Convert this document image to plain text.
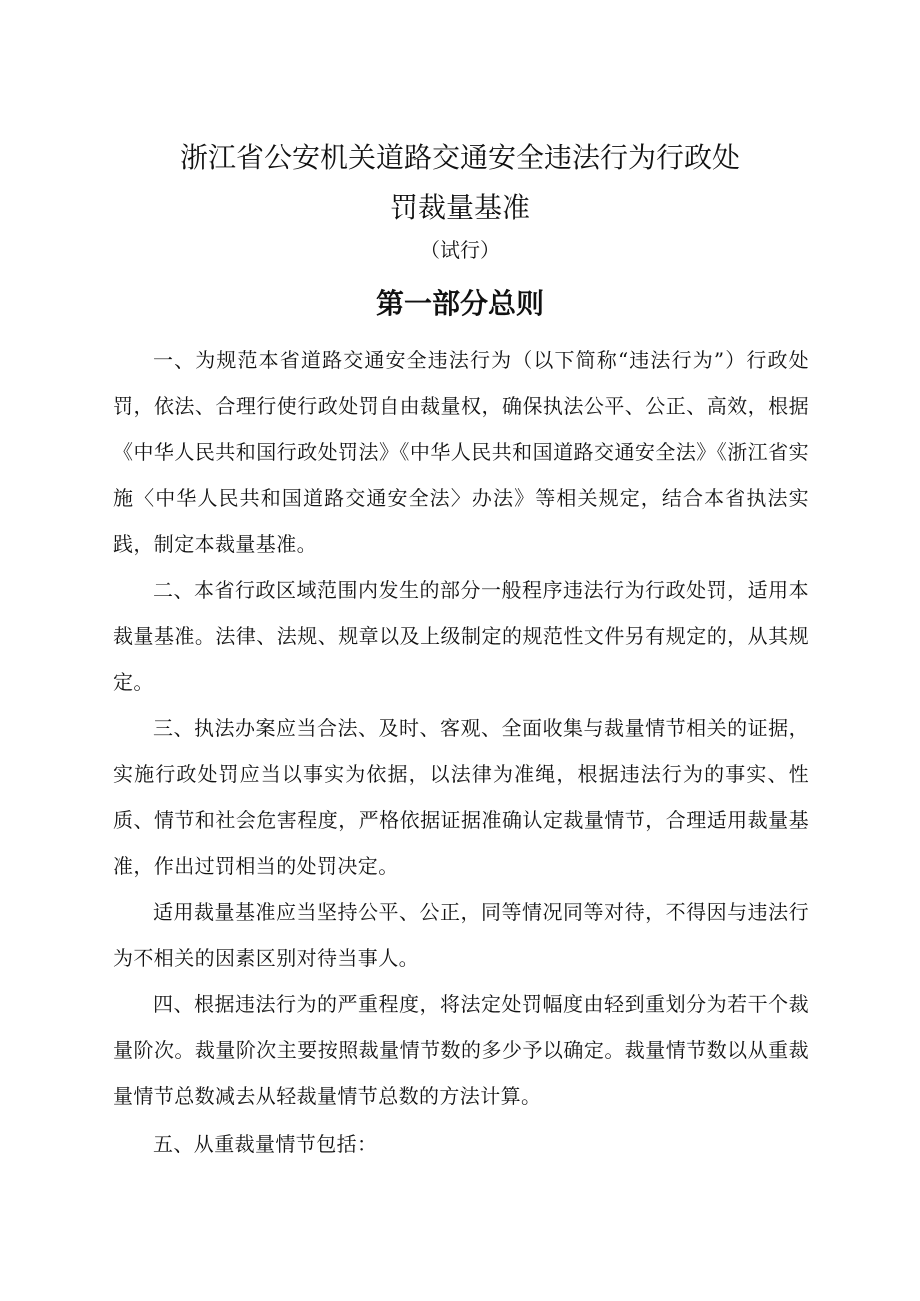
浙江省公安机关道路交通安全违法行为行政处
罚裁量基准
（试行）
第一部分总则

一、为规范本省道路交通安全违法行为（以下简称“违法行为”）行政处罚，依法、合理行使行政处罚自由裁量权，确保执法公平、公正、高效，根据《中华人民共和国行政处罚法》《中华人民共和国道路交通安全法》《浙江省实施〈中华人民共和国道路交通安全法〉办法》等相关规定，结合本省执法实践，制定本裁量基准。

二、本省行政区域范围内发生的部分一般程序违法行为行政处罚，适用本裁量基准。法律、法规、规章以及上级制定的规范性文件另有规定的，从其规定。

三、执法办案应当合法、及时、客观、全面收集与裁量情节相关的证据，实施行政处罚应当以事实为依据，以法律为准绳，根据违法行为的事实、性质、情节和社会危害程度，严格依据证据准确认定裁量情节，合理适用裁量基准，作出过罚相当的处罚决定。

适用裁量基准应当坚持公平、公正，同等情况同等对待，不得因与违法行为不相关的因素区别对待当事人。

四、根据违法行为的严重程度，将法定处罚幅度由轻到重划分为若干个裁量阶次。裁量阶次主要按照裁量情节数的多少予以确定。裁量情节数以从重裁量情节总数减去从轻裁量情节总数的方法计算。

五、从重裁量情节包括：
